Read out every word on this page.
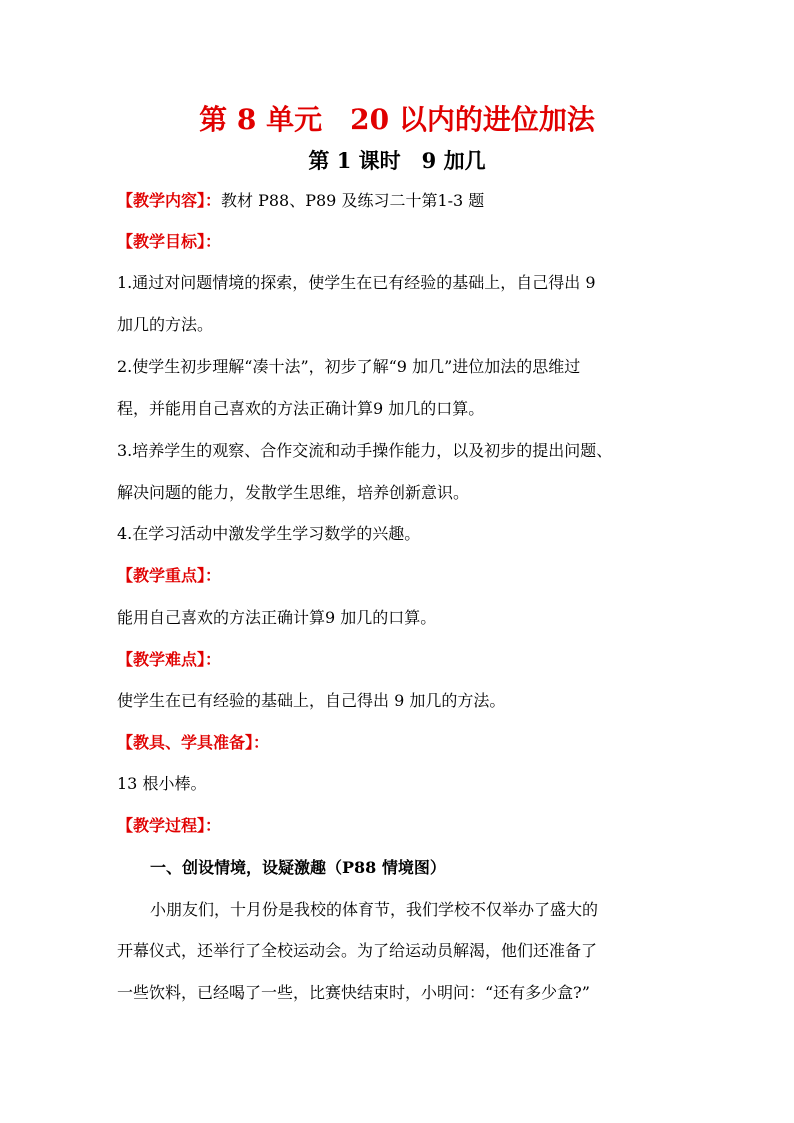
第 8 单元　20 以内的进位加法
第 1 课时　9 加几
【教学内容】：教材 P88、P89 及练习二十第1-3 题
【教学目标】：
1.通过对问题情境的探索，使学生在已有经验的基础上，自己得出 9
加几的方法。
2.使学生初步理解“凑十法”，初步了解“9 加几”进位加法的思维过
程，并能用自己喜欢的方法正确计算9 加几的口算。
3.培养学生的观察、合作交流和动手操作能力，以及初步的提出问题、
解决问题的能力，发散学生思维，培养创新意识。
4.在学习活动中激发学生学习数学的兴趣。
【教学重点】：
能用自己喜欢的方法正确计算9 加几的口算。
【教学难点】：
使学生在已有经验的基础上，自己得出 9 加几的方法。
【教具、学具准备】：
13 根小棒。
【教学过程】：
一、创设情境，设疑激趣（P88 情境图）
小朋友们，十月份是我校的体育节，我们学校不仅举办了盛大的
开幕仪式，还举行了全校运动会。为了给运动员解渴，他们还准备了
一些饮料，已经喝了一些，比赛快结束时，小明问：“还有多少盒?”
